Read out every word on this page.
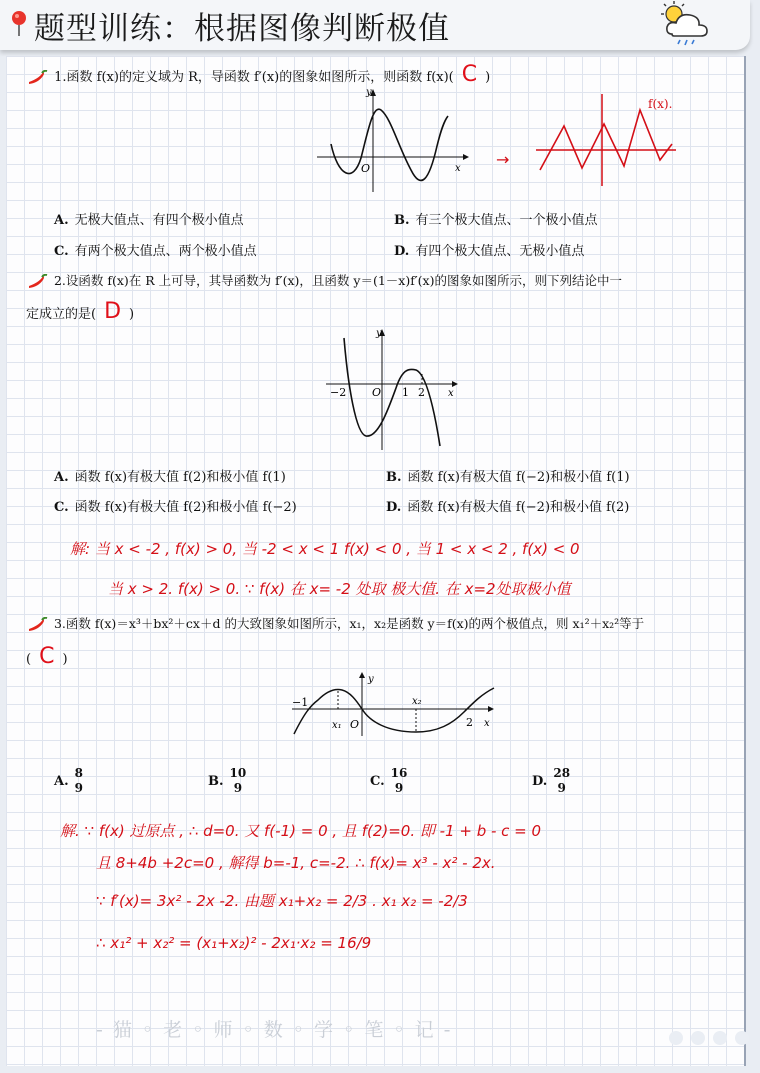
题型训练：根据图像判断极值
1.函数 f(x)的定义域为 R，导函数 f′(x)的图象如图所示，则函数 f(x)( C )
y
x
O	→
f(x).
A. 无极大值点、有四个极小值点	B. 有三个极大值点、一个极小值点
C. 有两个极大值点、两个极小值点	D. 有四个极大值点、无极小值点
2.设函数 f(x)在 R 上可导，其导函数为 f′(x)，且函数 y＝(1－x)f′(x)的图象如图所示，则下列结论中一
定成立的是( D )
y
x
O
−2	1 2
A. 函数 f(x)有极大值 f(2)和极小值 f(1)	B. 函数 f(x)有极大值 f(−2)和极小值 f(1)
C. 函数 f(x)有极大值 f(2)和极小值 f(−2)	D. 函数 f(x)有极大值 f(−2)和极小值 f(2)
解: 当 x < -2 , f(x) > 0, 当 -2 < x < 1 f(x) < 0 , 当 1 < x < 2 , f(x) < 0
当 x > 2. f(x) > 0. ∵ f(x) 在 x= -2 处取 极大值. 在 x=2处取极小值
3.函数 f(x)＝x³＋bx²＋cx＋d 的大致图象如图所示，x₁，x₂是函数 y＝f(x)的两个极值点，则 x₁²＋x₂²等于
( C )
y
x
O
−1
x₁
x₂
2
A.8
9	B.10
9	C.16
9	D.28
9
解. ∵ f(x) 过原点 , ∴ d=0. 又 f(-1) = 0 , 且 f(2)=0. 即 -1 + b - c = 0
且 8+4b +2c=0 , 解得 b=-1, c=-2. ∴ f(x)= x³ - x² - 2x.
∵ f′(x)= 3x² - 2x -2. 由题 x₁+x₂ = 2/3 . x₁ x₂ = -2/3
∴ x₁² + x₂² = (x₁+x₂)² - 2x₁·x₂ = 16/9
- 猫 ◦ 老 ◦ 师 ◦ 数 ◦ 学 ◦ 笔 ◦ 记 -
